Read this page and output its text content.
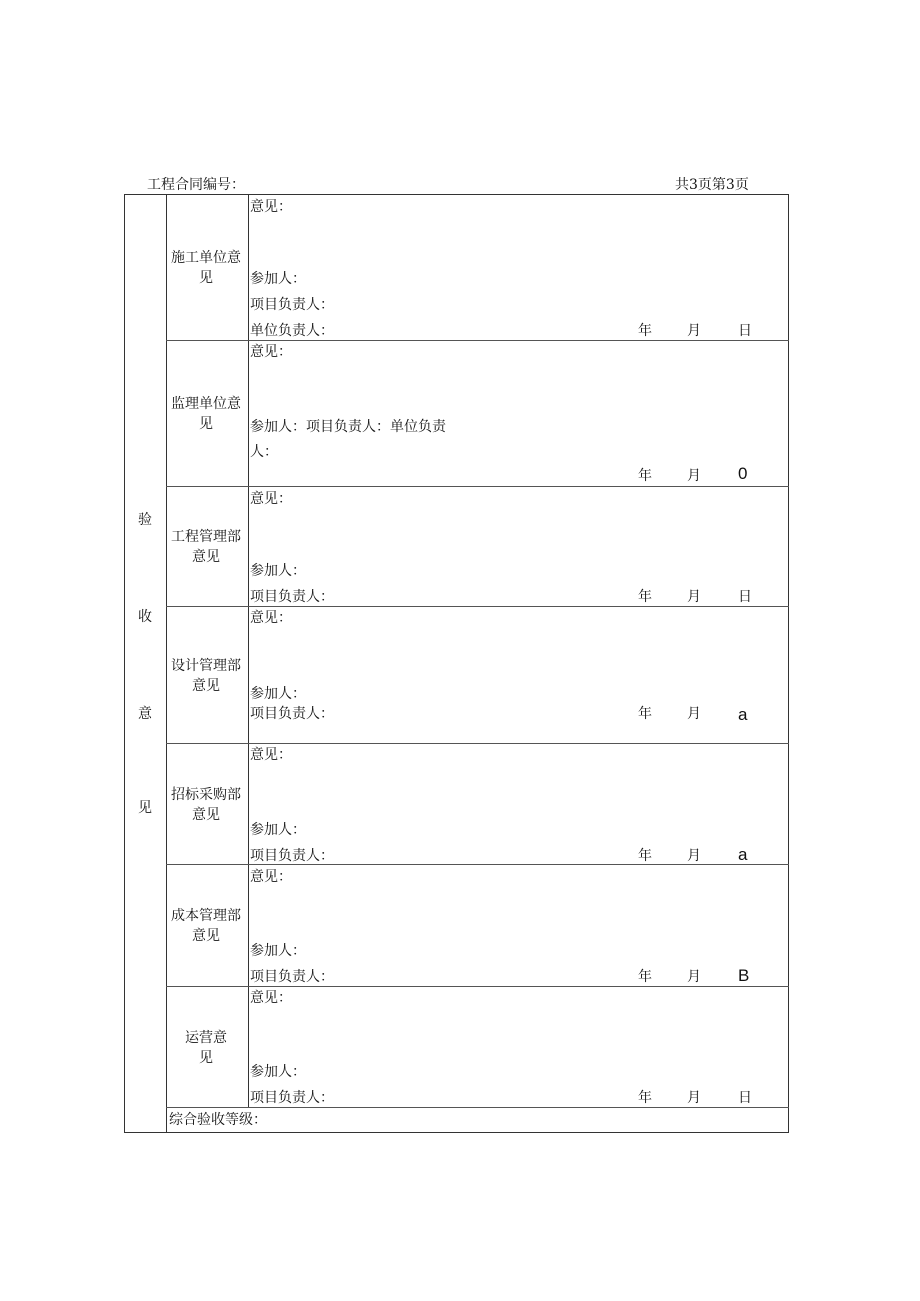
工程合同编号：	共3页第3页
验
收
意
见
施工单位意见
意见：
参加人：
项目负责人：
单位负责人：	年	月	日
监理单位意见
意见：
参加人：项目负责人：单位负责
人：
年	月 0
工程管理部意见
意见：
参加人：
项目负责人：	年	月	日
设计管理部意见
意见：
参加人：
项目负责人：	年	月 a
招标采购部意见
意见：
参加人：
项目负责人：	年	月 a
成本管理部意见
意见：
参加人：
项目负责人：	年	月 B
运营意见
意见：
参加人：
项目负责人：	年	月	日
综合验收等级：
